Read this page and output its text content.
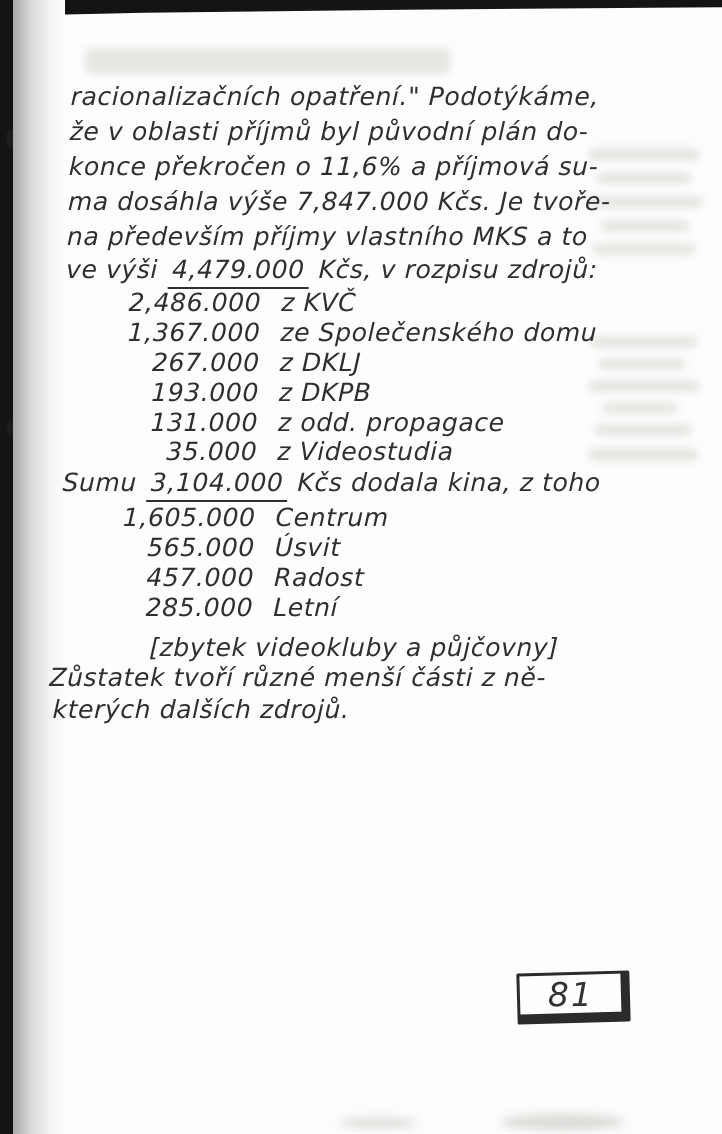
racionalizačních opatření." Podotýkáme,
že v oblasti příjmů byl původní plán do-
konce překročen o 11,6% a příjmová su-
ma dosáhla výše 7,847.000 Kčs. Je tvoře-
na především příjmy vlastního MKS a to
ve výši 4,479.000 Kčs, v rozpisu zdrojů:
2,486.000 z KVČ
1,367.000 ze Společenského domu
267.000 z DKLJ
193.000 z DKPB
131.000 z odd. propagace
35.000 z Videostudia
Sumu 3,104.000 Kčs dodala kina, z toho
1,605.000 Centrum
565.000 Úsvit
457.000 Radost
285.000 Letní
[zbytek videokluby a půjčovny]
Zůstatek tvoří různé menší části z ně-
kterých dalších zdrojů.
81
